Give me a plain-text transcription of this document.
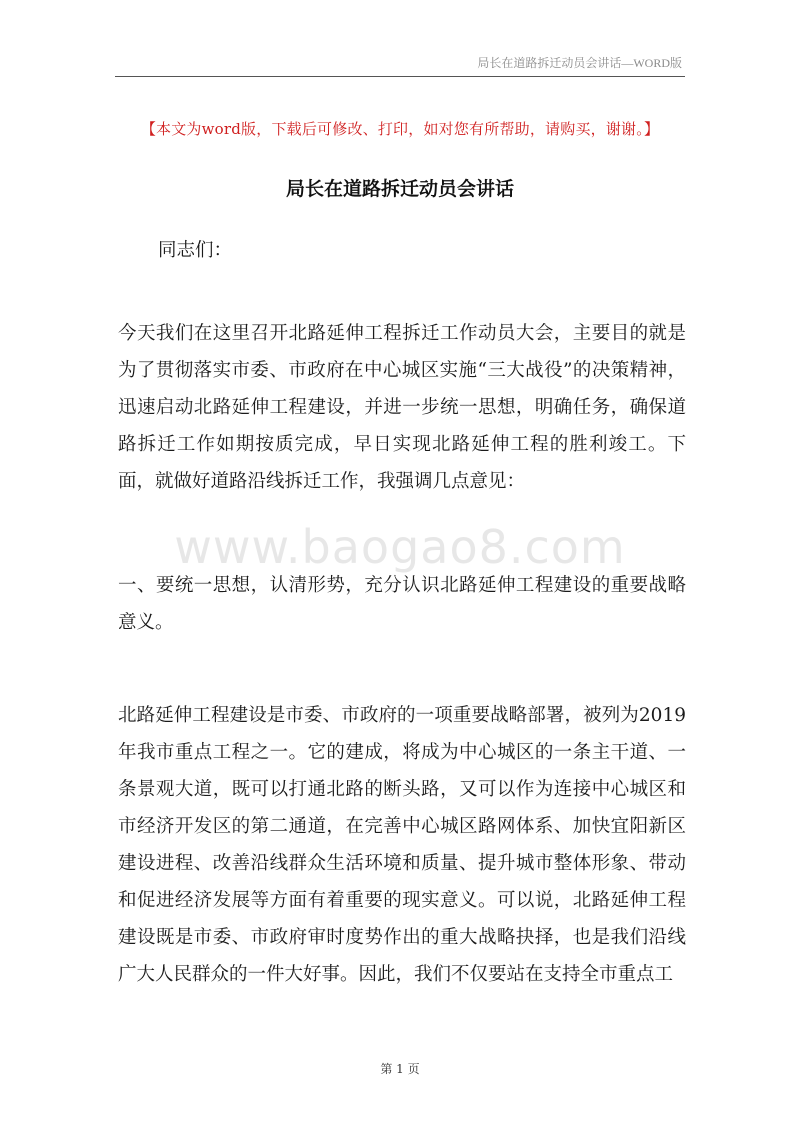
局长在道路拆迁动员会讲话—WORD版
【本文为word版，下载后可修改、打印，如对您有所帮助，请购买，谢谢。】
局长在道路拆迁动员会讲话

同志们：

今天我们在这里召开北路延伸工程拆迁工作动员大会，主要目的就是为了贯彻落实市委、市政府在中心城区实施“三大战役”的决策精神，迅速启动北路延伸工程建设，并进一步统一思想，明确任务，确保道路拆迁工作如期按质完成，早日实现北路延伸工程的胜利竣工。下面，就做好道路沿线拆迁工作，我强调几点意见：

www.baogao8.com

一、要统一思想，认清形势，充分认识北路延伸工程建设的重要战略意义。

北路延伸工程建设是市委、市政府的一项重要战略部署，被列为2019年我市重点工程之一。它的建成，将成为中心城区的一条主干道、一条景观大道，既可以打通北路的断头路，又可以作为连接中心城区和市经济开发区的第二通道，在完善中心城区路网体系、加快宜阳新区建设进程、改善沿线群众生活环境和质量、提升城市整体形象、带动和促进经济发展等方面有着重要的现实意义。可以说，北路延伸工程建设既是市委、市政府审时度势作出的重大战略抉择，也是我们沿线广大人民群众的一件大好事。因此，我们不仅要站在支持全市重点工

第 1 页
